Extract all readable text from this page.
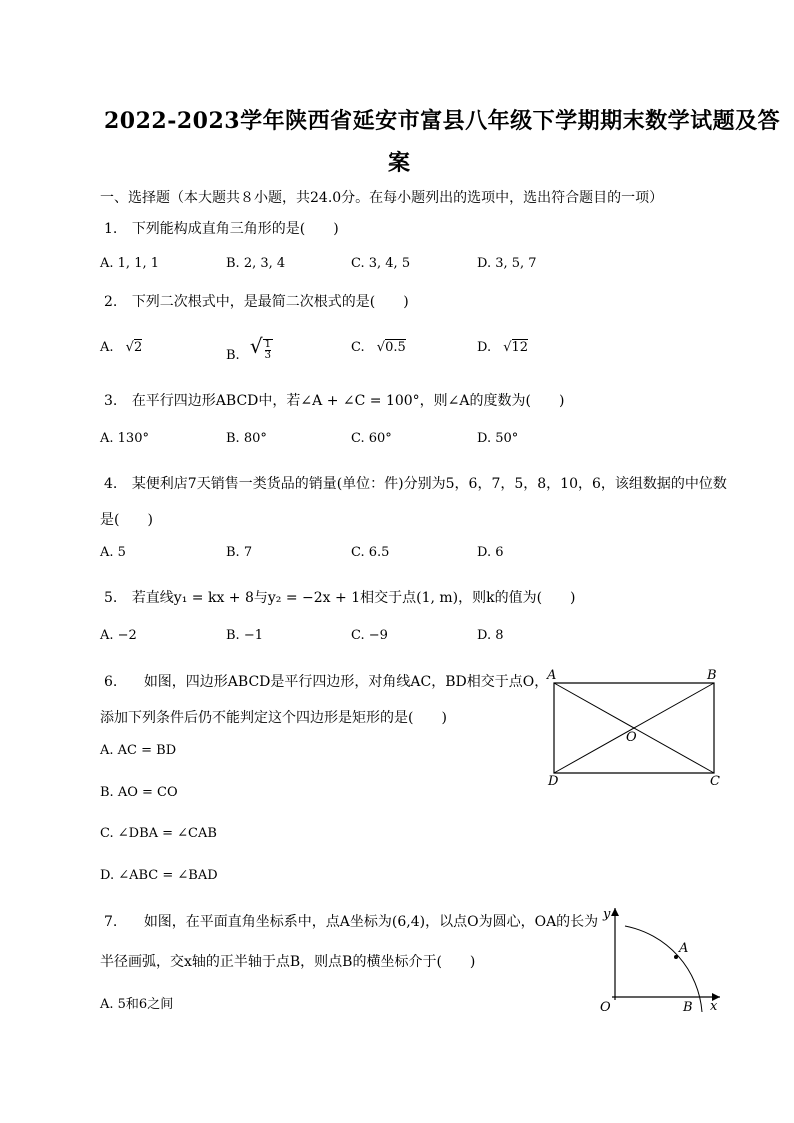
2022-2023学年陕西省延安市富县八年级下学期期末数学试题及答
案
一、选择题（本大题共８小题，共24.0分。在每小题列出的选项中，选出符合题目的一项）
1. 下列能构成直角三角形的是(　　)
A. 1, 1, 1	B. 2, 3, 4	C. 3, 4, 5	D. 3, 5, 7
2. 下列二次根式中，是最简二次根式的是(　　)
A. √2
B. √ $\frac{1}{3}$	C. √0.5	D. √12
3. 在平行四边形ABCD中，若∠A + ∠C = 100°，则∠A的度数为(　　)
A. 130°	B. 80°	C. 60°	D. 50°
4. 某便利店7天销售一类货品的销量(单位：件)分别为5，6，7，5，8，10，6，该组数据的中位数
是(　　)
A. 5	B. 7	C. 6.5	D. 6
5. 若直线y₁ = kx + 8与y₂ = −2x + 1相交于点(1, m)，则k的值为(　　)
A. −2	B. −1	C. −9	D. 8
6. 如图，四边形ABCD是平行四边形，对角线AC，BD相交于点O，
添加下列条件后仍不能判定这个四边形是矩形的是(　　)
A. AC = BD
B. AO = CO
C. ∠DBA = ∠CAB
D. ∠ABC = ∠BAD
A	B
C
D
O
7. 如图，在平面直角坐标系中，点A坐标为(6,4)，以点O为圆心，OA的长为
半径画弧，交x轴的正半轴于点B，则点B的横坐标介于(　　)
A. 5和6之间
y
A
O	B x
